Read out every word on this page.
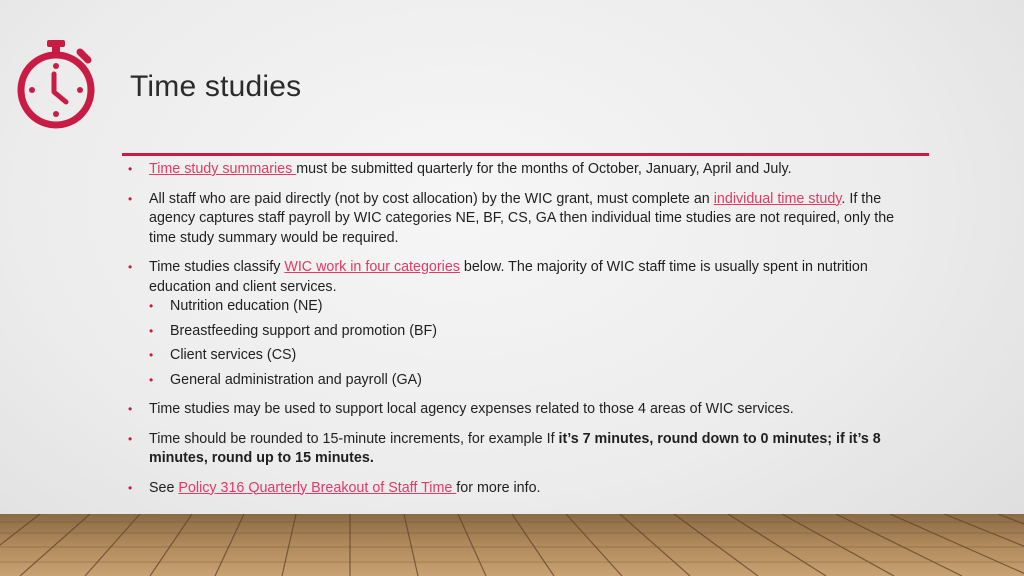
Time studies
• Time study summaries must be submitted quarterly for the months of October, January, April and July.
• All staff who are paid directly (not by cost allocation) by the WIC grant, must complete an individual time study. If the agency captures staff payroll by WIC categories NE, BF, CS, GA then individual time studies are not required, only the time study summary would be required.
• Time studies classify WIC work in four categories below. The majority of WIC staff time is usually spent in nutrition education and client services.
• Nutrition education (NE)
• Breastfeeding support and promotion (BF)
• Client services (CS)
• General administration and payroll (GA)
• Time studies may be used to support local agency expenses related to those 4 areas of WIC services.
• Time should be rounded to 15-minute increments, for example If it’s 7 minutes, round down to 0 minutes; if it’s 8 minutes, round up to 15 minutes.
• See Policy 316 Quarterly Breakout of Staff Time for more info.
